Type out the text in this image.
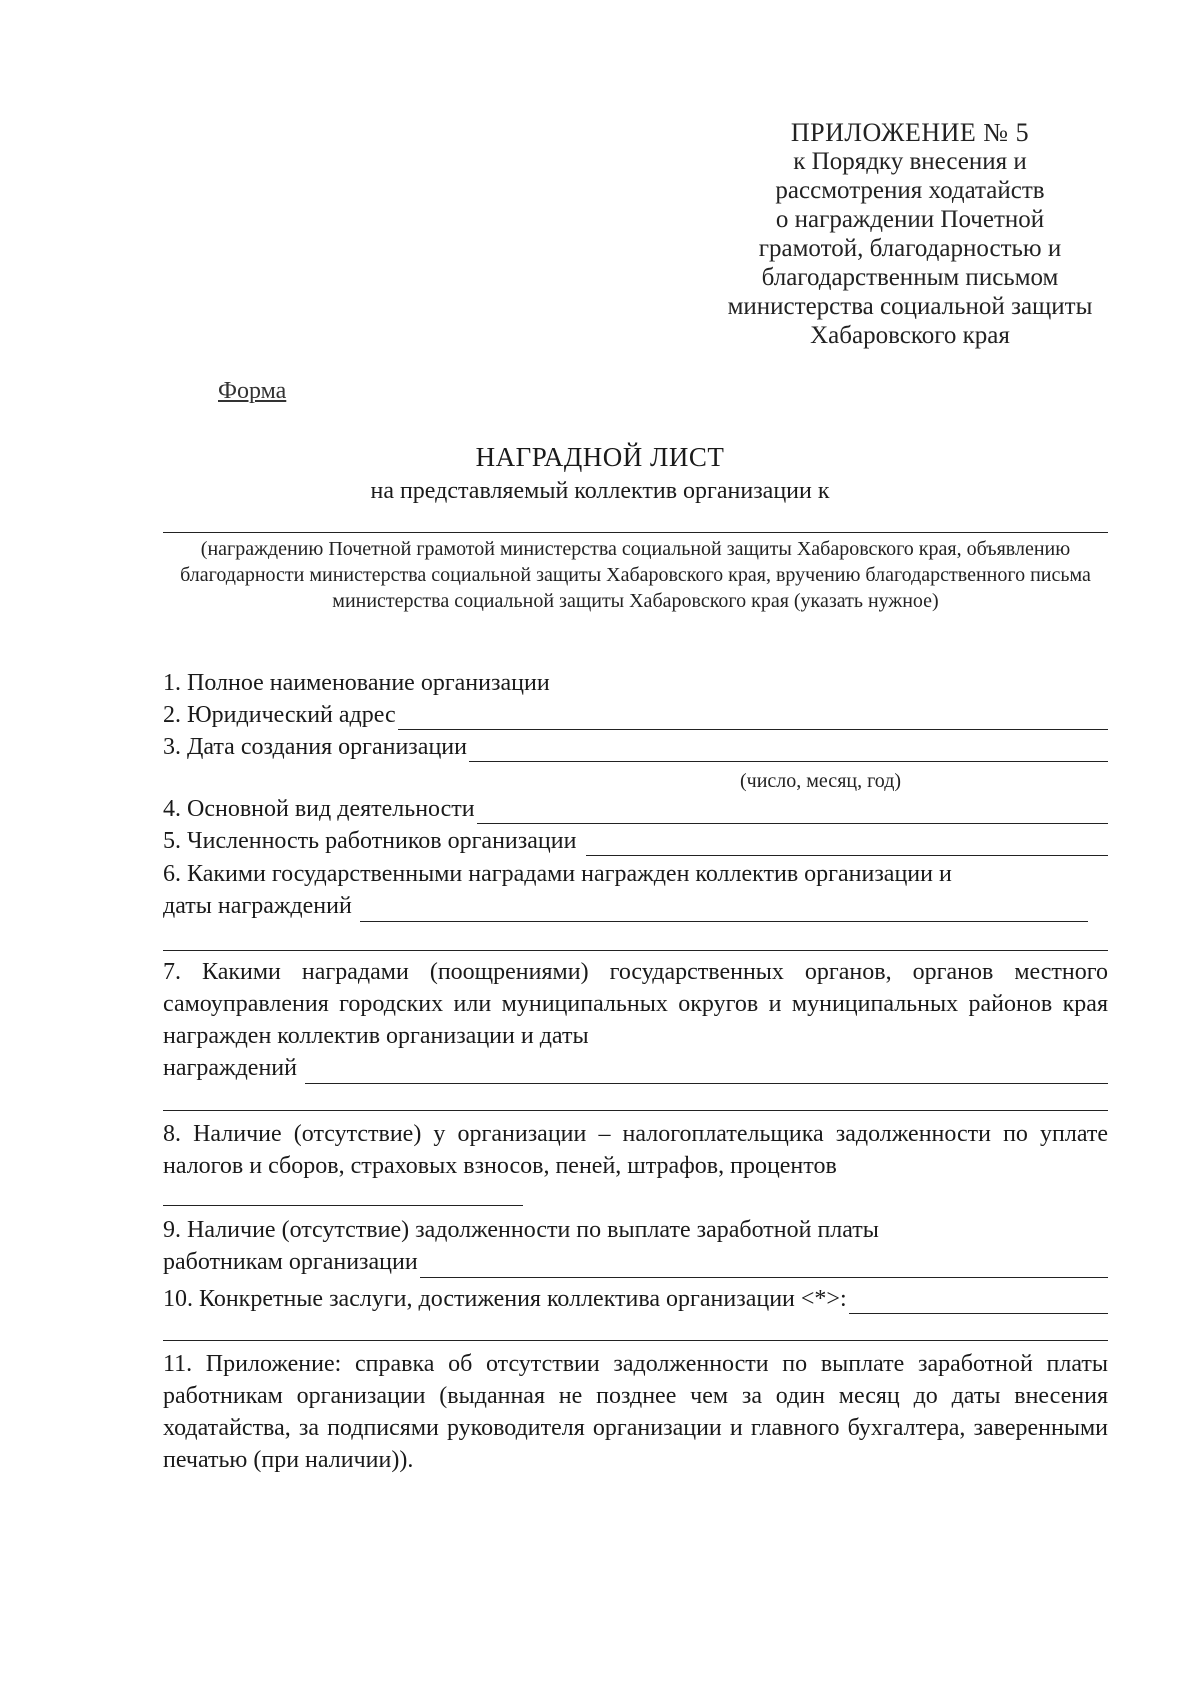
ПРИЛОЖЕНИЕ № 5
к Порядку внесения и
рассмотрения ходатайств
о награждении Почетной
грамотой, благодарностью и
благодарственным письмом
министерства социальной защиты
Хабаровского края
Форма
НАГРАДНОЙ ЛИСТ
на представляемый коллектив организации к
(награждению Почетной грамотой министерства социальной защиты Хабаровского края, объявлению благодарности министерства социальной защиты Хабаровского края, вручению благодарственного письма министерства социальной защиты Хабаровского края (указать нужное)
1. Полное наименование организации
2. Юридический адрес
3. Дата создания организации
(число, месяц, год)
4. Основной вид деятельности
5. Численность работников организации
6. Какими государственными наградами награжден коллектив организации и
даты награждений
7. Какими наградами (поощрениями) государственных органов, органов местного самоуправления городских или муниципальных округов и муниципальных районов края награжден коллектив организации и даты
награждений
8. Наличие (отсутствие) у организации – налогоплательщика задолженности по уплате налогов и сборов, страховых взносов, пеней, штрафов, процентов
9. Наличие (отсутствие) задолженности по выплате заработной платы
работникам организации
10. Конкретные заслуги, достижения коллектива организации <*>:
11. Приложение: справка об отсутствии задолженности по выплате заработной платы работникам организации (выданная не позднее чем за один месяц до даты внесения ходатайства, за подписями руководителя организации и главного бухгалтера, заверенными печатью (при наличии)).
